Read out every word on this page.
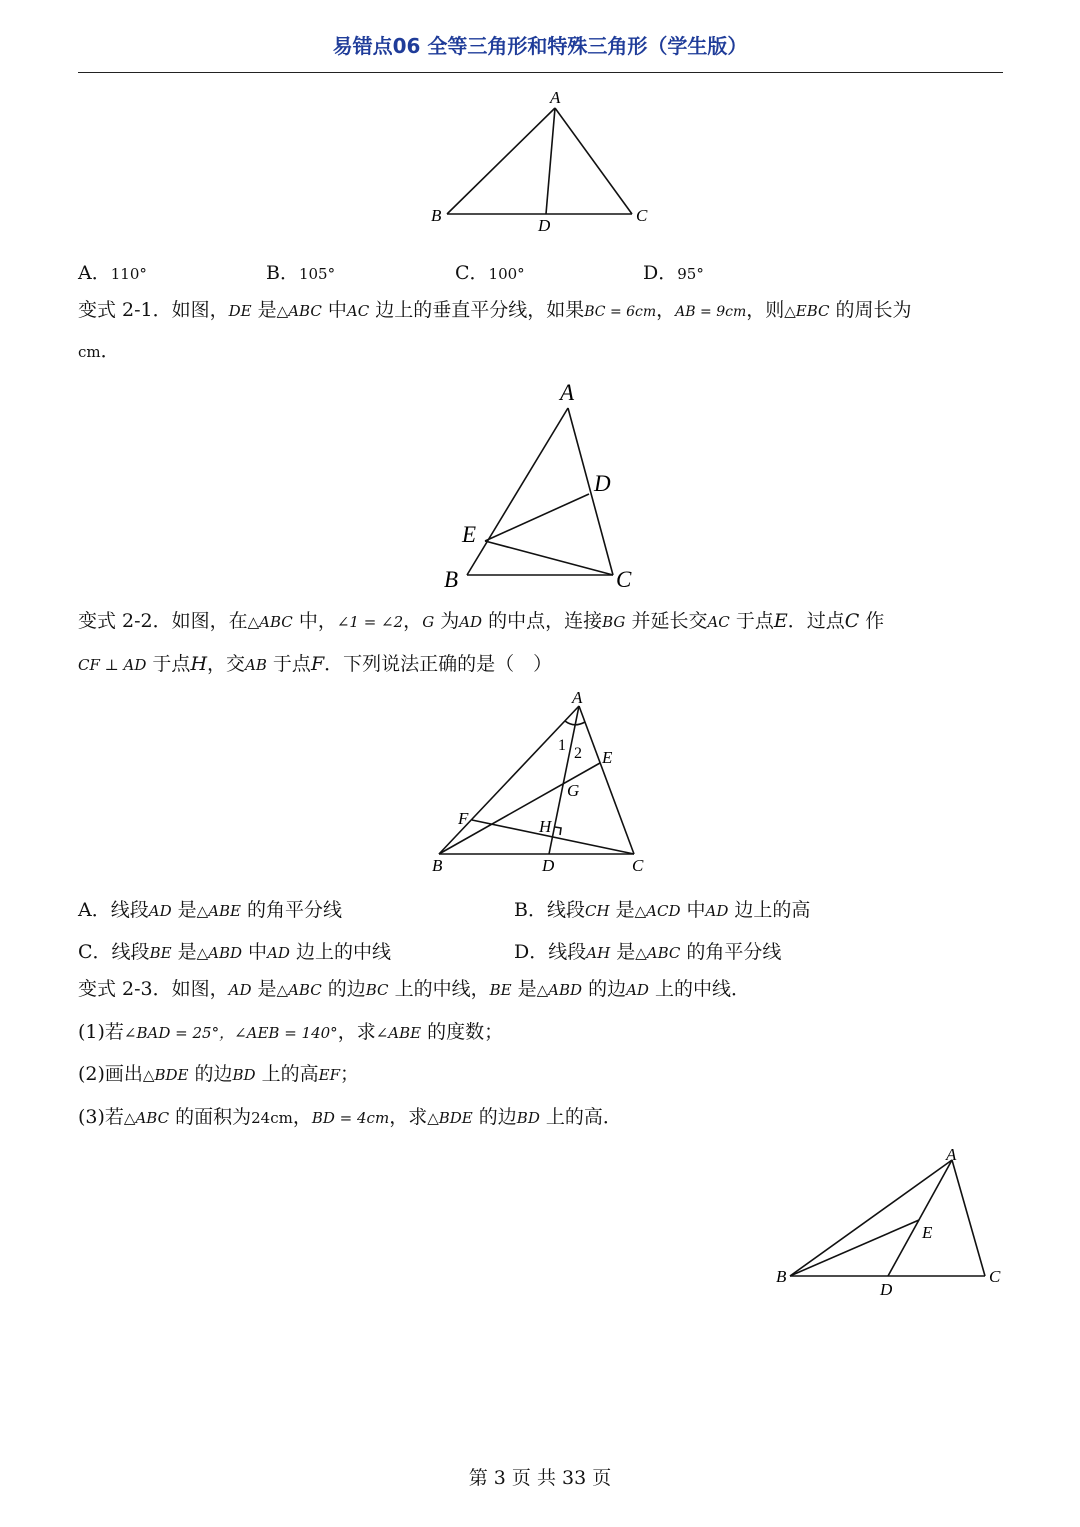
易错点06 全等三角形和特殊三角形（学生版）
A
B	C
D
A．110°	B．105°	C．100°	D．95°
变式 2-1．如图，DE 是△ABC 中AC 边上的垂直平分线，如果BC = 6cm，AB = 9cm，则△EBC 的周长为
cm．
A
D
E
B	C
变式 2-2．如图，在△ABC 中，∠1 = ∠2，G 为AD 的中点，连接BG 并延长交AC 于点E．过点C 作
CF ⊥ AD 于点H，交AB 于点F．下列说法正确的是（　）
A
1 2 E
G
F	H
B	D	C
A．线段AD 是△ABE 的角平分线	B．线段CH 是△ACD 中AD 边上的高
C．线段BE 是△ABD 中AD 边上的中线	D．线段AH 是△ABC 的角平分线
变式 2-3．如图，AD 是△ABC 的边BC 上的中线，BE 是△ABD 的边AD 上的中线．
(1)若∠BAD = 25°，∠AEB = 140°，求∠ABE 的度数；
(2)画出△BDE 的边BD 上的高EF；
(3)若△ABC 的面积为24cm，BD = 4cm，求△BDE 的边BD 上的高．
A
E
B
D
C
第 3 页 共 33 页
